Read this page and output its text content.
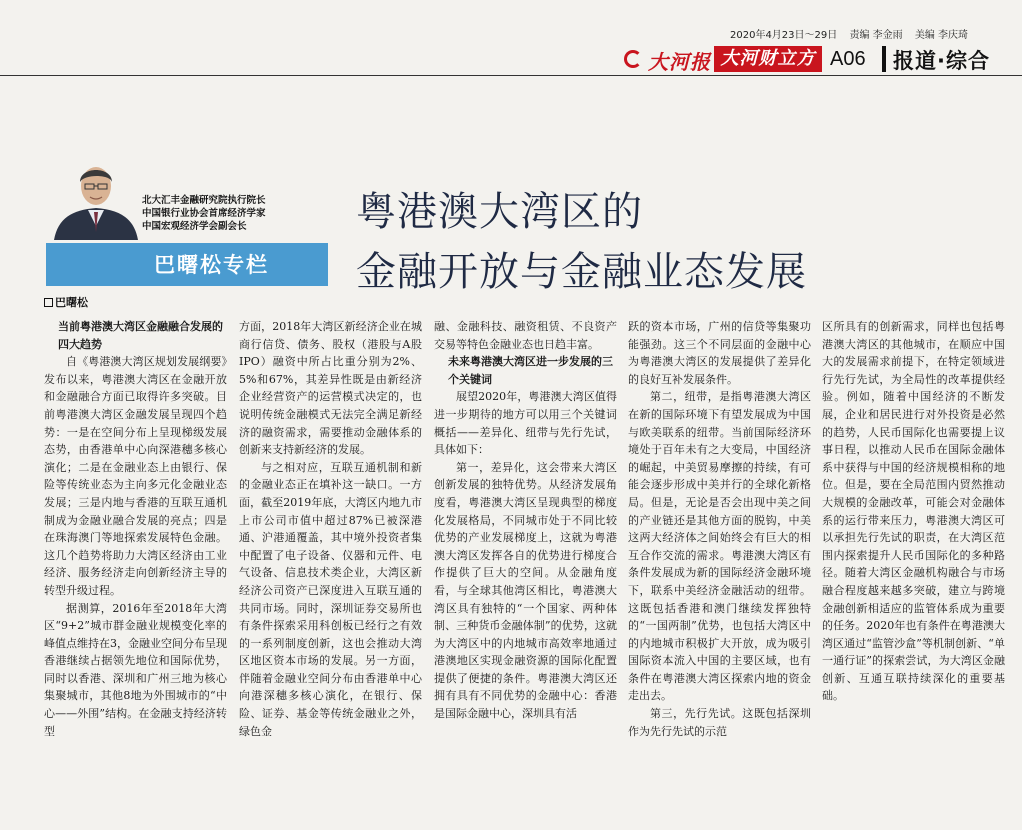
2020年4月23日～29日 责编 李金雨 美编 李庆琦
大河报 大河财立方 A06 报道·综合
北大汇丰金融研究院执行院长
中国银行业协会首席经济学家
中国宏观经济学会副会长
巴曙松专栏
粤港澳大湾区的
金融开放与金融业态发展
巴曙松
当前粤港澳大湾区金融融合发展的四大趋势

自《粤港澳大湾区规划发展纲要》发布以来，粤港澳大湾区在金融开放和金融融合方面已取得许多突破。目前粤港澳大湾区金融发展呈现四个趋势：一是在空间分布上呈现梯级发展态势，由香港单中心向深港穗多核心演化；二是在金融业态上由银行、保险等传统业态为主向多元化金融业态发展；三是内地与香港的互联互通机制成为金融业融合发展的亮点；四是在珠海澳门等地探索发展特色金融。这几个趋势将助力大湾区经济由工业经济、服务经济走向创新经济主导的转型升级过程。

据测算，2016年至2018年大湾区“9+2”城市群金融业规模变化率的峰值点维持在3，金融业空间分布呈现香港继续占据领先地位和国际优势，同时以香港、深圳和广州三地为核心集聚城市，其他8地为外围城市的“中心——外围”结构。在金融支持经济转型

方面，2018年大湾区新经济企业在城商行信贷、债务、股权（港股与A股IPO）融资中所占比重分别为2%、5%和67%，其差异性既是由新经济企业经营资产的运营模式决定的，也说明传统金融模式无法完全满足新经济的融资需求，需要推动金融体系的创新来支持新经济的发展。

与之相对应，互联互通机制和新的金融业态正在填补这一缺口。一方面，截至2019年底，大湾区内地九市上市公司市值中超过87%已被深港通、沪港通覆盖，其中境外投资者集中配置了电子设备、仪器和元件、电气设备、信息技术类企业，大湾区新经济公司资产已深度进入互联互通的共同市场。同时，深圳证券交易所也有条件探索采用科创板已经行之有效的一系列制度创新，这也会推动大湾区地区资本市场的发展。另一方面，伴随着金融业空间分布由香港单中心向港深穗多核心演化，在银行、保险、证券、基金等传统金融业之外，绿色金

融、金融科技、融资租赁、不良资产交易等特色金融业态也日趋丰富。

未来粤港澳大湾区进一步发展的三个关键词

展望2020年，粤港澳大湾区值得进一步期待的地方可以用三个关键词概括——差异化、纽带与先行先试，具体如下：

第一，差异化，这会带来大湾区创新发展的独特优势。从经济发展角度看，粤港澳大湾区呈现典型的梯度化发展格局，不同城市处于不同比较优势的产业发展梯度上，这就为粤港澳大湾区发挥各自的优势进行梯度合作提供了巨大的空间。从金融角度看，与全球其他湾区相比，粤港澳大湾区具有独特的“一个国家、两种体制、三种货币金融体制”的优势，这就为大湾区中的内地城市高效率地通过港澳地区实现金融资源的国际化配置提供了便捷的条件。粤港澳大湾区还拥有具有不同优势的金融中心：香港是国际金融中心，深圳具有活

跃的资本市场，广州的信贷等集聚功能强劲。这三个不同层面的金融中心为粤港澳大湾区的发展提供了差异化的良好互补发展条件。

第二，纽带，是指粤港澳大湾区在新的国际环境下有望发展成为中国与欧美联系的纽带。当前国际经济环境处于百年未有之大变局，中国经济的崛起，中美贸易摩擦的持续，有可能会逐步形成中美并行的全球化新格局。但是，无论是否会出现中美之间的产业链还是其他方面的脱钩，中美这两大经济体之间始终会有巨大的相互合作交流的需求。粤港澳大湾区有条件发展成为新的国际经济金融环境下，联系中美经济金融活动的纽带。这既包括香港和澳门继续发挥独特的“一国两制”优势，也包括大湾区中的内地城市积极扩大开放，成为吸引国际资本流入中国的主要区域，也有条件在粤港澳大湾区探索内地的资金走出去。

第三，先行先试。这既包括深圳作为先行先试的示范

区所具有的创新需求，同样也包括粤港澳大湾区的其他城市，在顺应中国大的发展需求前提下，在特定领域进行先行先试，为全局性的改革提供经验。例如，随着中国经济的不断发展，企业和居民进行对外投资是必然的趋势，人民币国际化也需要提上议事日程，以推动人民币在国际金融体系中获得与中国的经济规模相称的地位。但是，要在全局范围内贸然推动大规模的金融改革，可能会对金融体系的运行带来压力，粤港澳大湾区可以承担先行先试的职责，在大湾区范围内探索提升人民币国际化的多种路径。随着大湾区金融机构融合与市场融合程度越来越多突破，建立与跨境金融创新相适应的监管体系成为重要的任务。2020年也有条件在粤港澳大湾区通过“监管沙盒”等机制创新、“单一通行证”的探索尝试，为大湾区金融创新、互通互联持续深化的重要基础。
